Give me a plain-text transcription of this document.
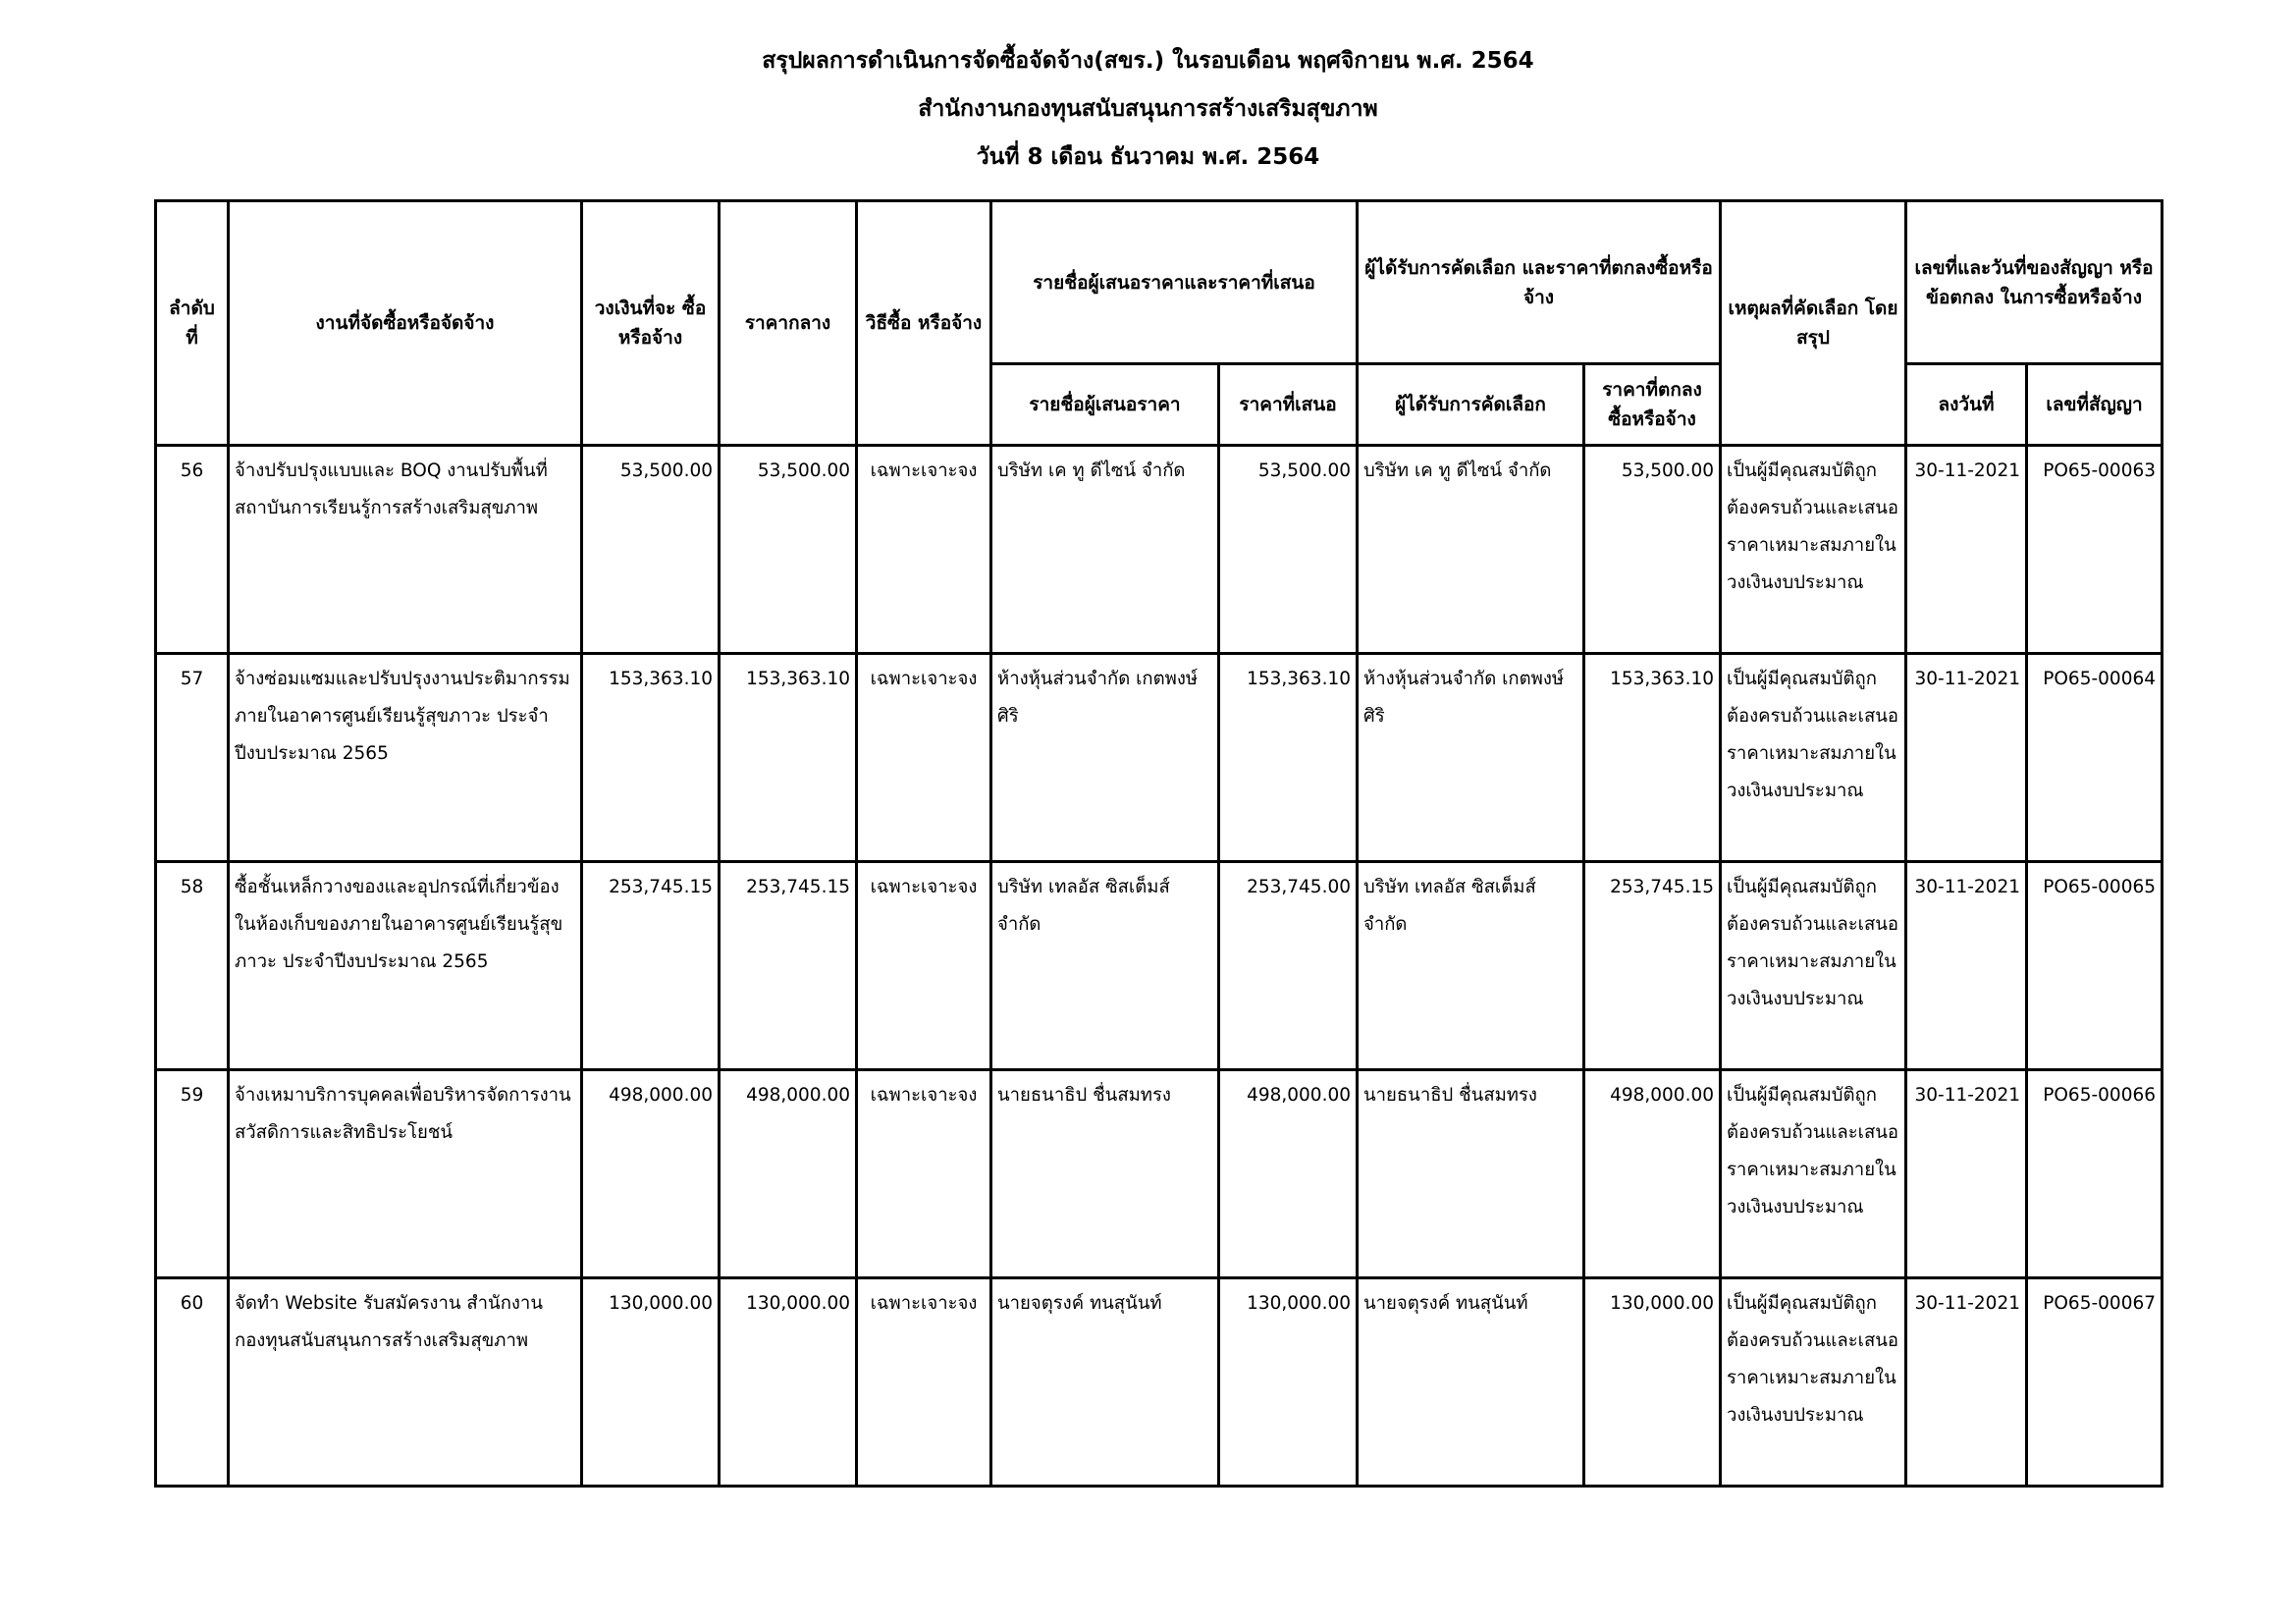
สรุปผลการดำเนินการจัดซื้อจัดจ้าง(สขร.) ในรอบเดือน พฤศจิกายน พ.ศ. 2564
สำนักงานกองทุนสนับสนุนการสร้างเสริมสุขภาพ
วันที่ 8 เดือน ธันวาคม พ.ศ. 2564
ลำดับ ที่	งานที่จัดซื้อหรือจัดจ้าง	วงเงินที่จะ ซื้อหรือจ้าง	ราคากลาง	วิธีซื้อ หรือจ้าง	รายชื่อผู้เสนอราคาและราคาที่เสนอ		ผู้ได้รับการคัดเลือก และราคาที่ตกลงซื้อหรือจ้าง		เหตุผลที่คัดเลือก โดยสรุป	เลขที่และวันที่ของสัญญา หรือข้อตกลง ในการซื้อหรือจ้าง	
					รายชื่อผู้เสนอราคา	ราคาที่เสนอ	ผู้ได้รับการคัดเลือก	ราคาที่ตกลง ซื้อหรือจ้าง		ลงวันที่	เลขที่สัญญา
56	จ้างปรับปรุงแบบและ BOQ งานปรับพื้นที่สถาบันการเรียนรู้การสร้างเสริมสุขภาพ	53,500.00	53,500.00	เฉพาะเจาะจง	บริษัท เค ทู ดีไซน์ จำกัด	53,500.00	บริษัท เค ทู ดีไซน์ จำกัด	53,500.00	เป็นผู้มีคุณสมบัติถูกต้องครบถ้วนและเสนอราคาเหมาะสมภายในวงเงินงบประมาณ	30-11-2021	PO65-00063
57	จ้างซ่อมแซมและปรับปรุงงานประติมากรรมภายในอาคารศูนย์เรียนรู้สุขภาวะ ประจำปีงบประมาณ 2565	153,363.10	153,363.10	เฉพาะเจาะจง	ห้างหุ้นส่วนจำกัด เกตพงษ์ศิริ	153,363.10	ห้างหุ้นส่วนจำกัด เกตพงษ์ศิริ	153,363.10	เป็นผู้มีคุณสมบัติถูกต้องครบถ้วนและเสนอราคาเหมาะสมภายในวงเงินงบประมาณ	30-11-2021	PO65-00064
58	ซื้อชั้นเหล็กวางของและอุปกรณ์ที่เกี่ยวข้องในห้องเก็บของภายในอาคารศูนย์เรียนรู้สุขภาวะ ประจำปีงบประมาณ 2565	253,745.15	253,745.15	เฉพาะเจาะจง	บริษัท เทลอัส ซิสเต็มส์ จำกัด	253,745.00	บริษัท เทลอัส ซิสเต็มส์ จำกัด	253,745.15	เป็นผู้มีคุณสมบัติถูกต้องครบถ้วนและเสนอราคาเหมาะสมภายในวงเงินงบประมาณ	30-11-2021	PO65-00065
59	จ้างเหมาบริการบุคคลเพื่อบริหารจัดการงานสวัสดิการและสิทธิประโยชน์	498,000.00	498,000.00	เฉพาะเจาะจง	นายธนาธิป ชื่นสมทรง	498,000.00	นายธนาธิป ชื่นสมทรง	498,000.00	เป็นผู้มีคุณสมบัติถูกต้องครบถ้วนและเสนอราคาเหมาะสมภายในวงเงินงบประมาณ	30-11-2021	PO65-00066
60	จัดทำ Website รับสมัครงาน สำนักงานกองทุนสนับสนุนการสร้างเสริมสุขภาพ	130,000.00	130,000.00	เฉพาะเจาะจง	นายจตุรงค์ ทนสุนันท์	130,000.00	นายจตุรงค์ ทนสุนันท์	130,000.00	เป็นผู้มีคุณสมบัติถูกต้องครบถ้วนและเสนอราคาเหมาะสมภายในวงเงินงบประมาณ	30-11-2021	PO65-00067
